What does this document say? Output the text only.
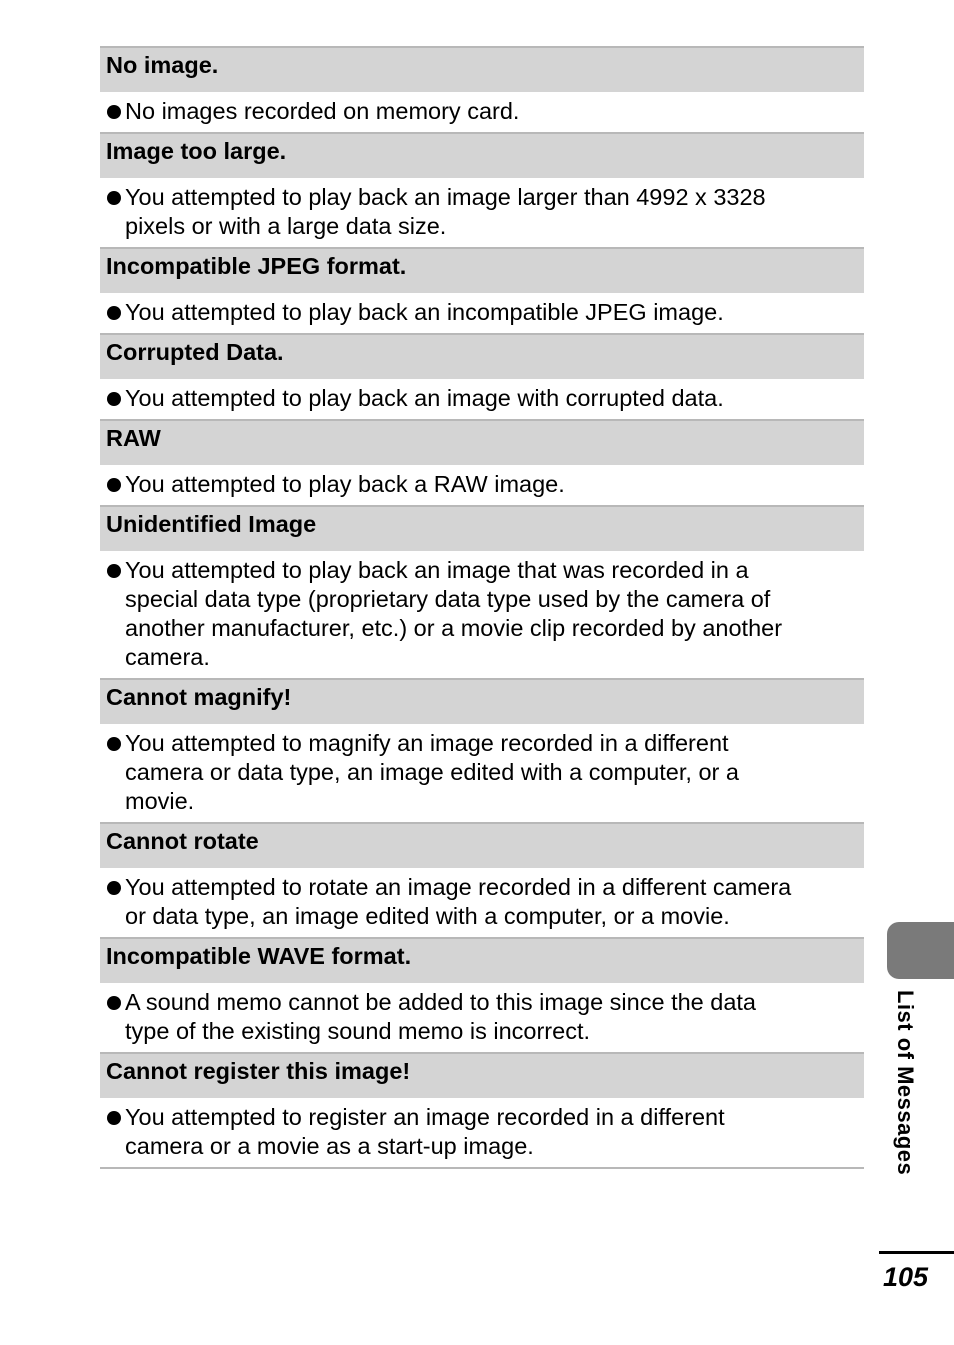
No image.
No images recorded on memory card.
Image too large.
You attempted to play back an image larger than 4992 x 3328
pixels or with a large data size.
Incompatible JPEG format.
You attempted to play back an incompatible JPEG image.
Corrupted Data.
You attempted to play back an image with corrupted data.
RAW
You attempted to play back a RAW image.
Unidentified Image
You attempted to play back an image that was recorded in a
special data type (proprietary data type used by the camera of
another manufacturer, etc.) or a movie clip recorded by another
camera.
Cannot magnify!
You attempted to magnify an image recorded in a different
camera or data type, an image edited with a computer, or a
movie.
Cannot rotate
You attempted to rotate an image recorded in a different camera
or data type, an image edited with a computer, or a movie.
Incompatible WAVE format.
A sound memo cannot be added to this image since the data
type of the existing sound memo is incorrect.
Cannot register this image!
You attempted to register an image recorded in a different
camera or a movie as a start-up image.	List of Messages
105
